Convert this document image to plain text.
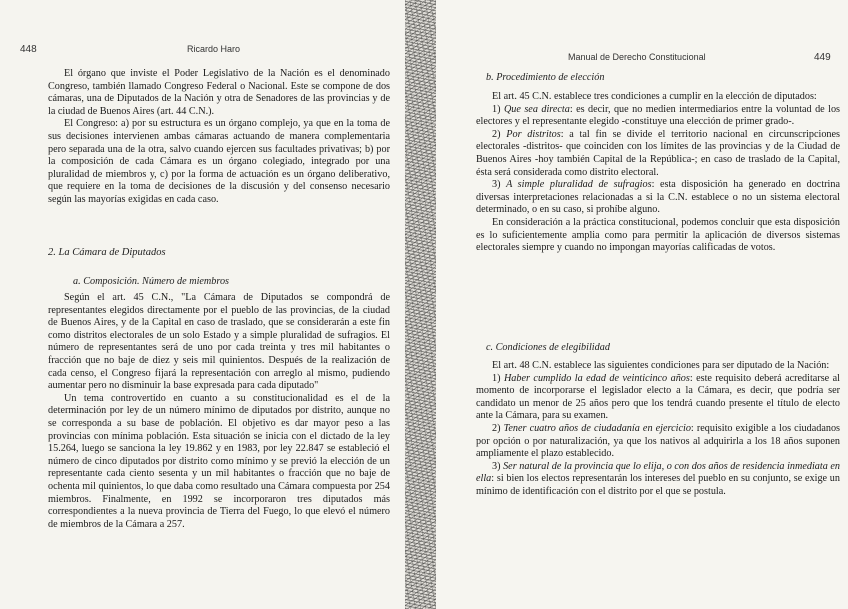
448	Ricardo Haro

El órgano que inviste el Poder Legislativo de la Nación es el denominado Congreso, también llamado Congreso Federal o Nacional. Este se compone de dos cámaras, una de Diputados de la Nación y otra de Senadores de las provincias y de la ciudad de Buenos Aires (art. 44 C.N.).

El Congreso: a) por su estructura es un órgano complejo, ya que en la toma de sus decisiones intervienen ambas cámaras actuando de manera complementaria pero separada una de la otra, salvo cuando ejercen sus facultades privativas; b) por la composición de cada Cámara es un órgano colegiado, integrado por una pluralidad de miembros y, c) por la forma de actuación es un órgano deliberativo, que requiere en la toma de decisiones de la discusión y del consenso necesario según las mayorías exigidas en cada caso.

2. La Cámara de Diputados
a. Composición. Número de miembros

Según el art. 45 C.N., "La Cámara de Diputados se compondrá de representantes elegidos directamente por el pueblo de las provincias, de la ciudad de Buenos Aires, y de la Capital en caso de traslado, que se considerarán a este fin como distritos electorales de un solo Estado y a simple pluralidad de sufragios. El número de representantes será de uno por cada treinta y tres mil habitantes o fracción que no baje de diez y seis mil quinientos. Después de la realización de cada censo, el Congreso fijará la representación con arreglo al mismo, pudiendo aumentar pero no disminuir la base expresada para cada diputado"

Un tema controvertido en cuanto a su constitucionalidad es el de la determinación por ley de un número mínimo de diputados por distrito, aunque no se corresponda a su base de población. El objetivo es dar mayor peso a las provincias con mínima población. Esta situación se inicia con el dictado de la ley 15.264, luego se sanciona la ley 19.862 y en 1983, por ley 22.847 se estableció el número de cinco diputados por distrito como mínimo y se previó la elección de un representante cada ciento sesenta y un mil habitantes o fracción que no baje de ochenta mil quinientos, lo que daba como resultado una Cámara compuesta por 254 miembros. Finalmente, en 1992 se incorporaron tres diputados más correspondientes a la nueva provincia de Tierra del Fuego, lo que elevó el número de miembros de la Cámara a 257.

Manual de Derecho Constitucional	449
b. Procedimiento de elección

El art. 45 C.N. establece tres condiciones a cumplir en la elección de diputados:

1) Que sea directa: es decir, que no medien intermediarios entre la voluntad de los electores y el representante elegido -constituye una elección de primer grado-.

2) Por distritos: a tal fin se divide el territorio nacional en circunscripciones electorales -distritos- que coinciden con los límites de las provincias y de la Ciudad de Buenos Aires -hoy también Capital de la República-; en caso de traslado de la Capital, ésta será considerada como distrito electoral.

3) A simple pluralidad de sufragios: esta disposición ha generado en doctrina diversas interpretaciones relacionadas a si la C.N. establece o no un sistema electoral determinado, o en su caso, si prohíbe alguno.

En consideración a la práctica constitucional, podemos concluir que esta disposición es lo suficientemente amplia como para permitir la aplicación de diversos sistemas electorales siempre y cuando no impongan mayorías calificadas de votos.

c. Condiciones de elegibilidad

El art. 48 C.N. establece las siguientes condiciones para ser diputado de la Nación:

1) Haber cumplido la edad de veinticinco años: este requisito deberá acreditarse al momento de incorporarse el legislador electo a la Cámara, es decir, que podría ser candidato un menor de 25 años pero que los tendrá cuando presente el título de electo ante la Cámara, para su examen.

2) Tener cuatro años de ciudadanía en ejercicio: requisito exigible a los ciudadanos por opción o por naturalización, ya que los nativos al adquirirla a los 18 años suponen ampliamente el plazo establecido.

3) Ser natural de la provincia que lo elija, o con dos años de residencia inmediata en ella: si bien los electos representarán los intereses del pueblo en su conjunto, se exige un mínimo de identificación con el distrito por el que se postula.
